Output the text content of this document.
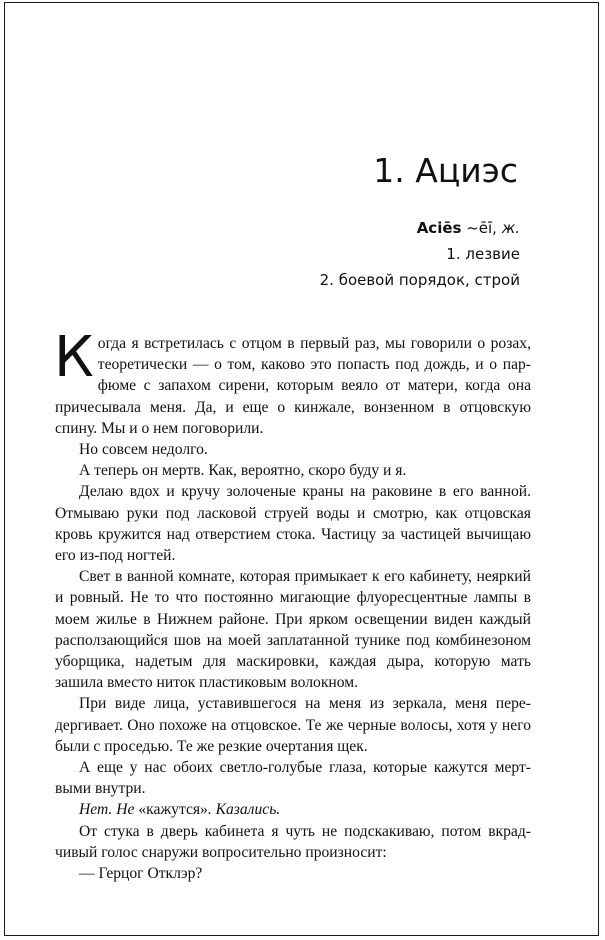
1. Ациэс
Aciēs ~ēī, ж.
1. лезвие
2. боевой порядок, строй

Когда я встретилась с отцом в первый раз, мы говорили о розах, теоретически — о том, каково это попасть под дождь, и о парфюме с запахом сирени, которым веяло от матери, когда она причесывала меня. Да, и еще о кинжале, вонзенном в отцовскую спину. Мы и о нем поговорили.

Но совсем недолго.

А теперь он мертв. Как, вероятно, скоро буду и я.

Делаю вдох и кручу золоченые краны на раковине в его ванной. Отмываю руки под ласковой струей воды и смотрю, как отцовская кровь кружится над отверстием стока. Частицу за частицей вычищаю его из-под ногтей.

Свет в ванной комнате, которая примыкает к его кабинету, неяркий и ровный. Не то что постоянно мигающие флуоресцентные лампы в моем жилье в Нижнем районе. При ярком освещении виден каждый расползающийся шов на моей заплатанной тунике под комбинезоном уборщика, надетым для маскировки, каждая дыра, которую мать зашила вместо ниток пластиковым волокном.

При виде лица, уставившегося на меня из зеркала, меня передергивает. Оно похоже на отцовское. Те же черные волосы, хотя у него были с проседью. Те же резкие очертания щек.

А еще у нас обоих светло-голубые глаза, которые кажутся мертвыми внутри.

Нет. Не «кажутся». Казались.

От стука в дверь кабинета я чуть не подскакиваю, потом вкрадчивый голос снаружи вопросительно произносит:

— Герцог Отклэр?
